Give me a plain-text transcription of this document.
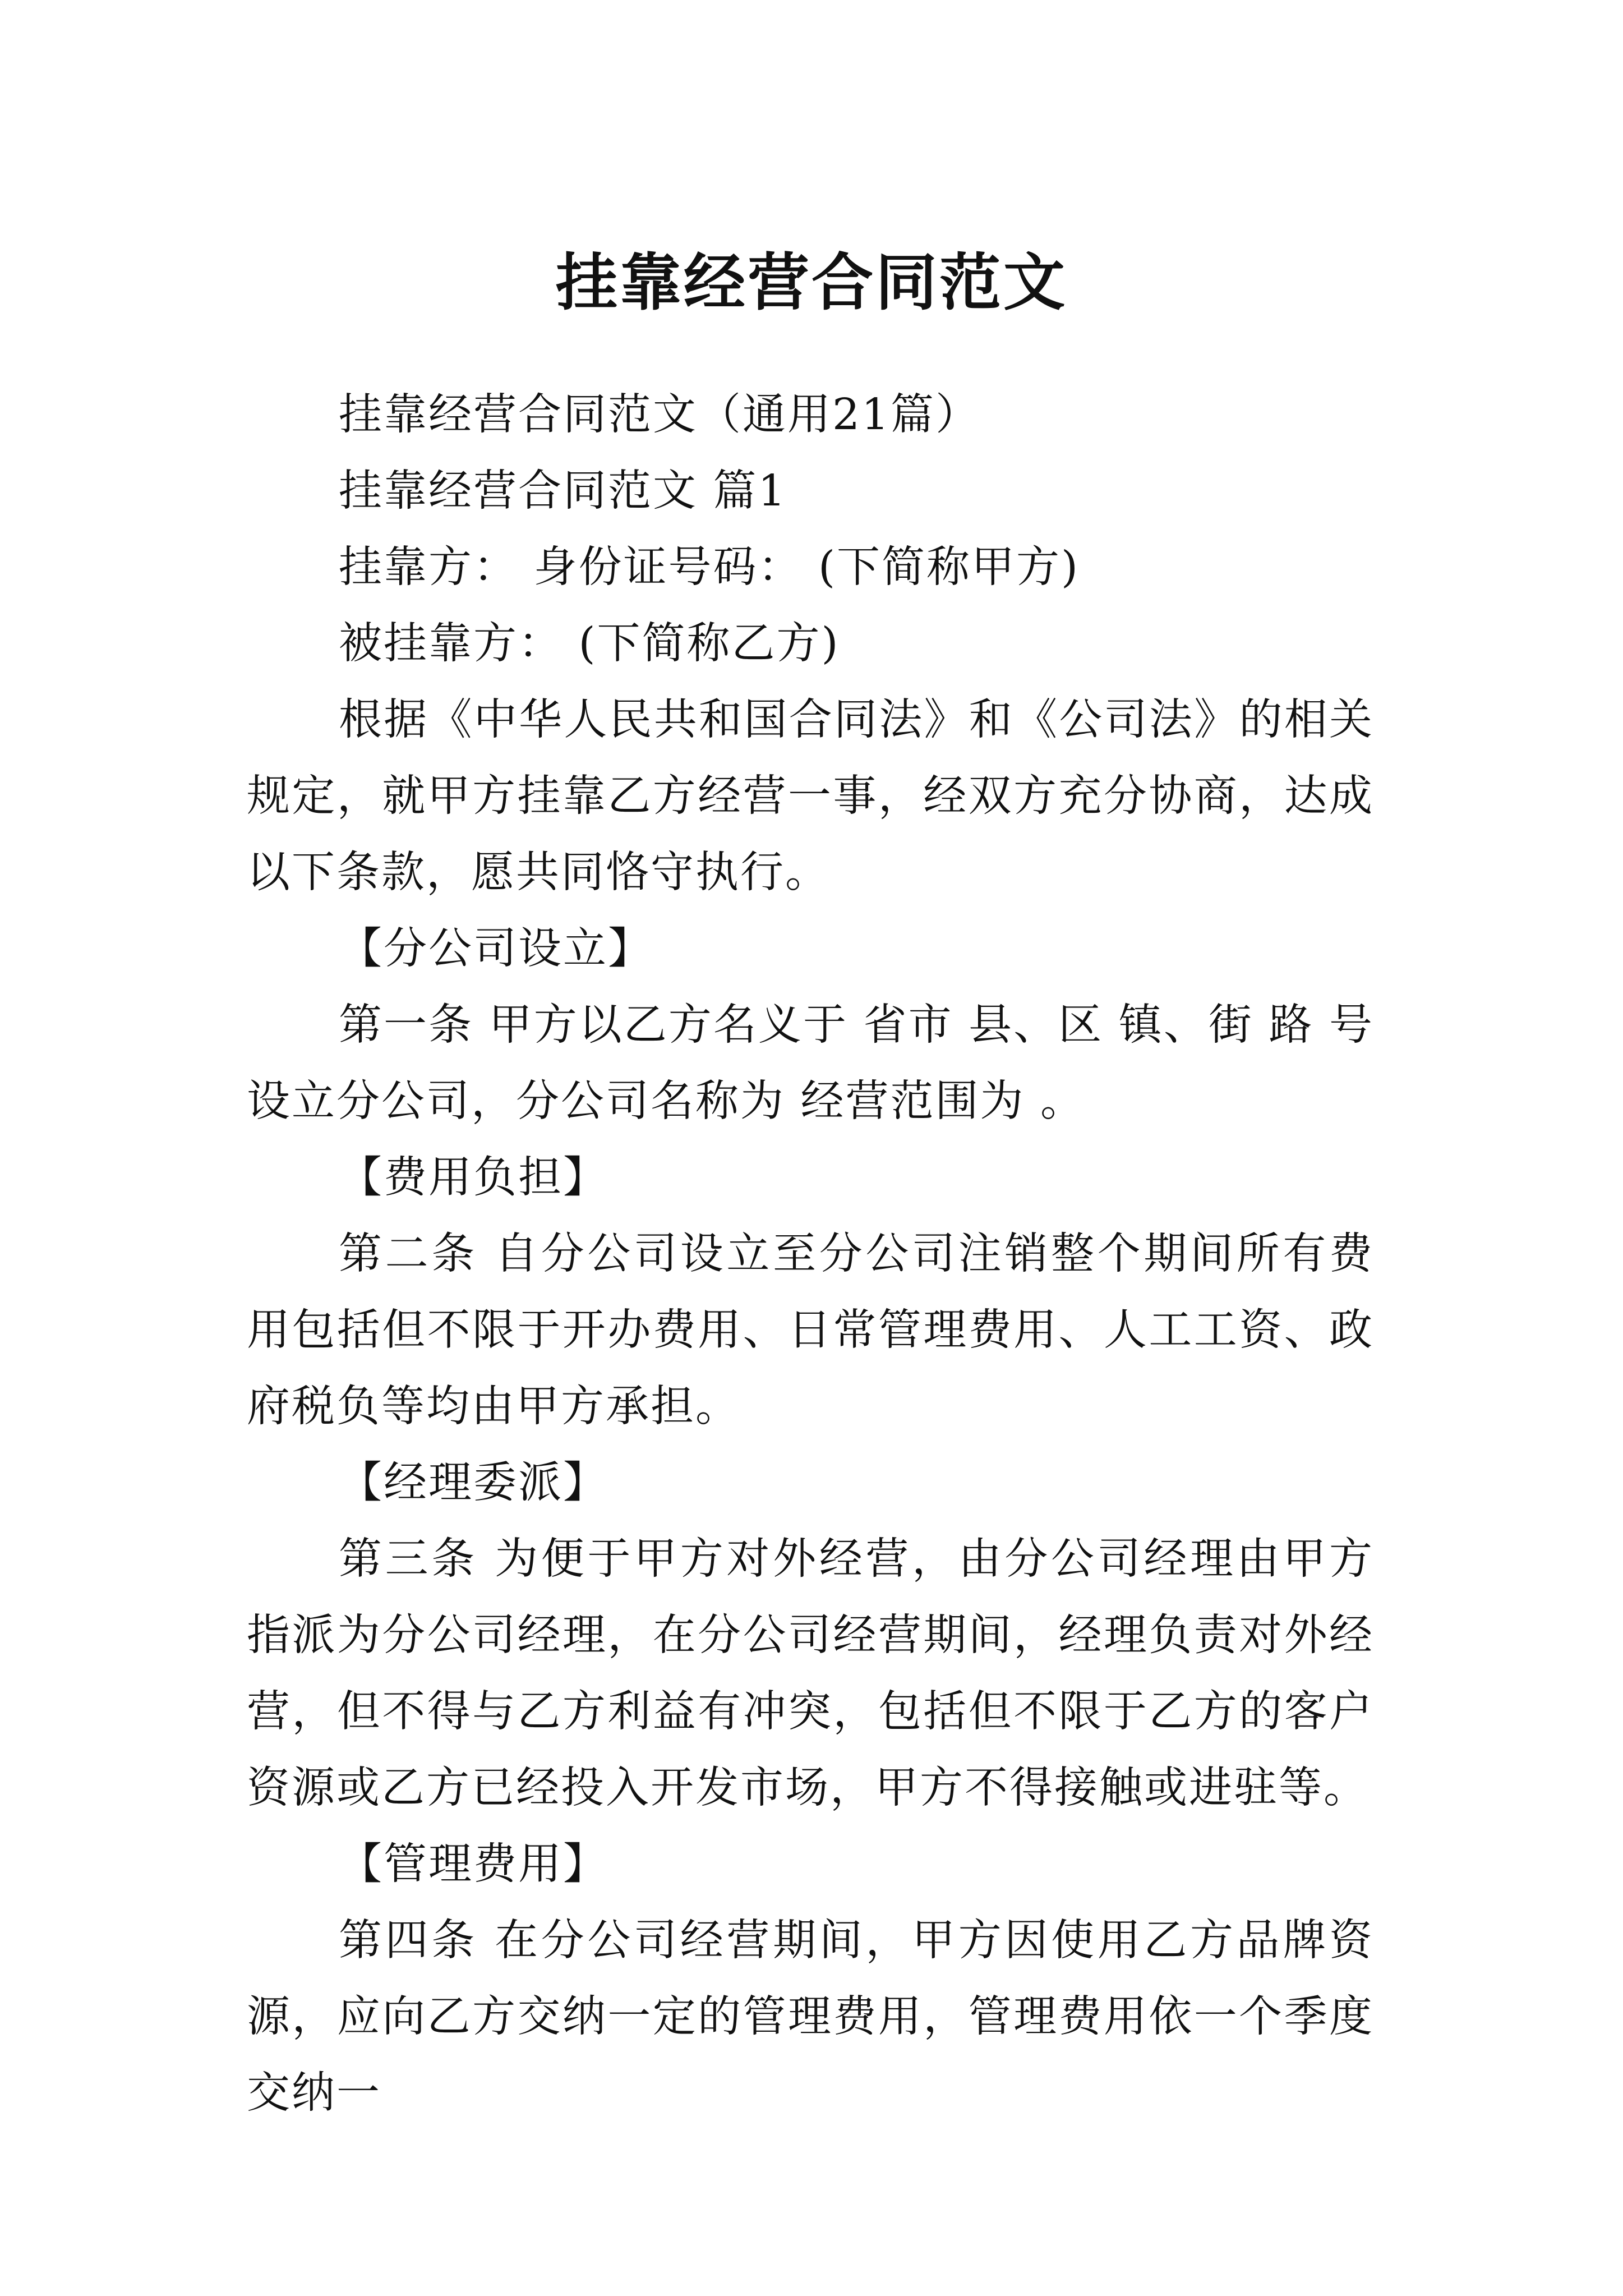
挂靠经营合同范文

挂靠经营合同范文（通用21篇）

挂靠经营合同范文 篇1

挂靠方： 身份证号码： (下简称甲方)

被挂靠方： (下简称乙方)

根据《中华人民共和国合同法》和《公司法》的相关规定，就甲方挂靠乙方经营一事，经双方充分协商，达成以下条款，愿共同恪守执行。

【分公司设立】

第一条 甲方以乙方名义于 省市 县、区 镇、街 路 号设立分公司，分公司名称为 经营范围为 。

【费用负担】

第二条 自分公司设立至分公司注销整个期间所有费用包括但不限于开办费用、日常管理费用、人工工资、政府税负等均由甲方承担。

【经理委派】

第三条 为便于甲方对外经营，由分公司经理由甲方指派为分公司经理，在分公司经营期间，经理负责对外经营，但不得与乙方利益有冲突，包括但不限于乙方的客户资源或乙方已经投入开发市场，甲方不得接触或进驻等。

【管理费用】

第四条 在分公司经营期间，甲方因使用乙方品牌资源，应向乙方交纳一定的管理费用，管理费用依一个季度交纳一
